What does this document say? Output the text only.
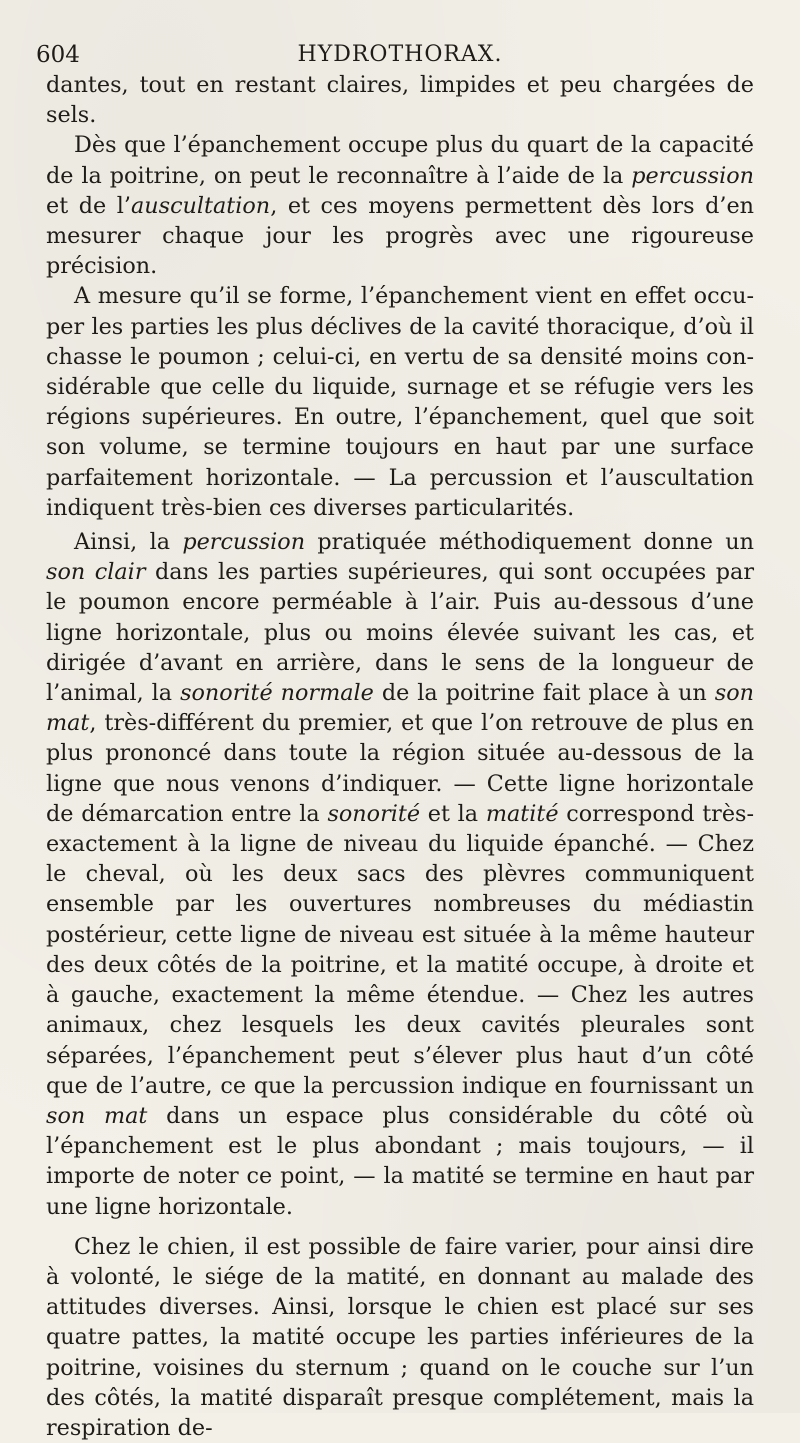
604	HYDROTHORAX.

dantes, tout en restant claires, limpides et peu chargées de sels.

Dès que l’épanchement occupe plus du quart de la capacité de la poitrine, on peut le reconnaître à l’aide de la percussion et de l’auscultation, et ces moyens permettent dès lors d’en mesurer chaque jour les progrès avec une rigoureuse précision.

A mesure qu’il se forme, l’épanchement vient en effet occuper les parties les plus déclives de la cavité thoracique, d’où il chasse le poumon ; celui-ci, en vertu de sa densité moins considérable que celle du liquide, surnage et se réfugie vers les régions supérieures. En outre, l’épanchement, quel que soit son volume, se termine toujours en haut par une surface parfaitement horizontale. — La percussion et l’auscultation indiquent très-bien ces diverses particularités.

Ainsi, la percussion pratiquée méthodiquement donne un son clair dans les parties supérieures, qui sont occupées par le poumon encore perméable à l’air. Puis au-dessous d’une ligne horizontale, plus ou moins élevée suivant les cas, et dirigée d’avant en arrière, dans le sens de la longueur de l’animal, la sonorité normale de la poitrine fait place à un son mat, très-différent du premier, et que l’on retrouve de plus en plus prononcé dans toute la région située au-dessous de la ligne que nous venons d’indiquer. — Cette ligne horizontale de démarcation entre la sonorité et la matité correspond très-exactement à la ligne de niveau du liquide épanché. — Chez le cheval, où les deux sacs des plèvres communiquent ensemble par les ouvertures nombreuses du médiastin postérieur, cette ligne de niveau est située à la même hauteur des deux côtés de la poitrine, et la matité occupe, à droite et à gauche, exactement la même étendue. — Chez les autres animaux, chez lesquels les deux cavités pleurales sont séparées, l’épanchement peut s’élever plus haut d’un côté que de l’autre, ce que la percussion indique en fournissant un son mat dans un espace plus considérable du côté où l’épanchement est le plus abondant ; mais toujours, — il importe de noter ce point, — la matité se termine en haut par une ligne horizontale.

Chez le chien, il est possible de faire varier, pour ainsi dire à volonté, le siége de la matité, en donnant au malade des attitudes diverses. Ainsi, lorsque le chien est placé sur ses quatre pattes, la matité occupe les parties inférieures de la poitrine, voisines du sternum ; quand on le couche sur l’un des côtés, la matité disparaît presque complétement, mais la respiration de-
